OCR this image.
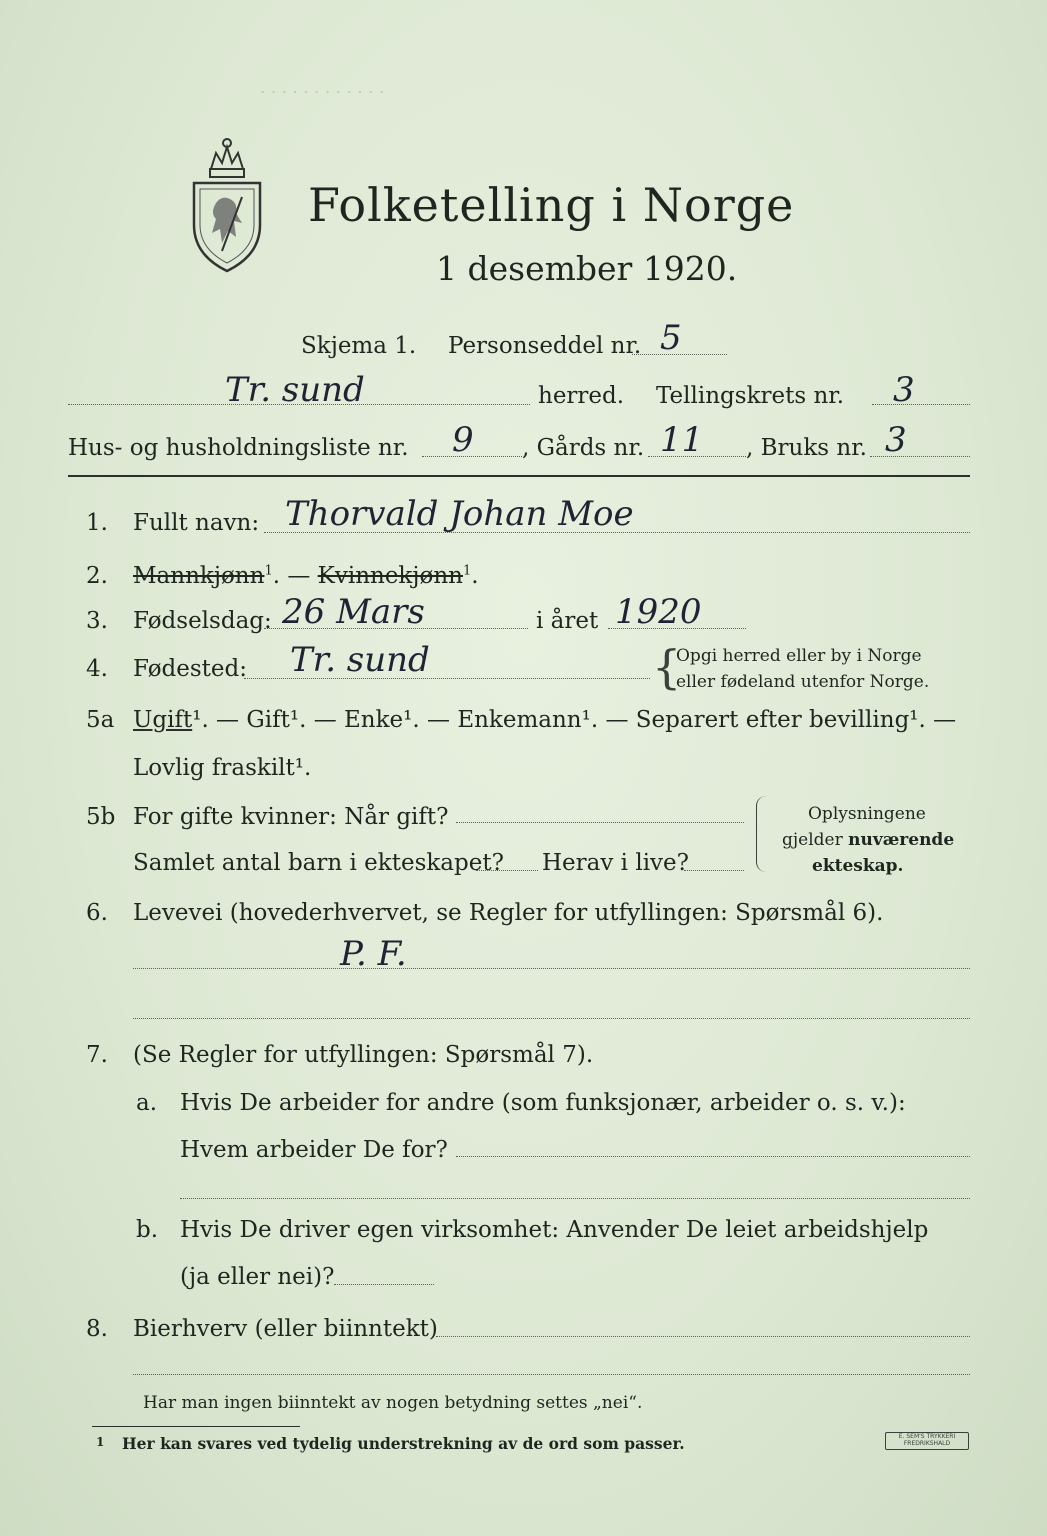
. . . . . . . . . . . .
Folketelling i Norge
1 desember 1920.
Skjema 1. Personseddel nr. 5
Tr. sund	herred. Tellingskrets nr. 3
Hus- og husholdningsliste nr. 9 , Gårds nr. 11 , Bruks nr. 3
1. Fullt navn: Thorvald Johan Moe
2. Mannkjønn$^1$. — Kvinnekjønn$^1$.
3. Fødselsdag: 26 Mars	i året 1920
4. Fødested: Tr. sund	{
Opgi herred eller by i Norge
eller fødeland utenfor Norge.
5a Ugift¹. — Gift¹. — Enke¹. — Enkemann¹. — Separert efter bevilling¹. —
Lovlig fraskilt¹.
5b For gifte kvinner: Når gift?
Samlet antal barn i ekteskapet? Herav i live?
Oplysningene
gjelder nuværende
ekteskap.
6. Levevei (hovederhvervet, se Regler for utfyllingen: Spørsmål 6).
P. F.
7. (Se Regler for utfyllingen: Spørsmål 7).
a. Hvis De arbeider for andre (som funksjonær, arbeider o. s. v.):
Hvem arbeider De for?
b. Hvis De driver egen virksomhet: Anvender De leiet arbeidshjelp
(ja eller nei)?
8. Bierhverv (eller biinntekt)
Har man ingen biinntekt av nogen betydning settes „nei“.
1 Her kan svares ved tydelig understrekning av de ord som passer.	E. SEM'S TRYKKERI FREDRIKSHALD
